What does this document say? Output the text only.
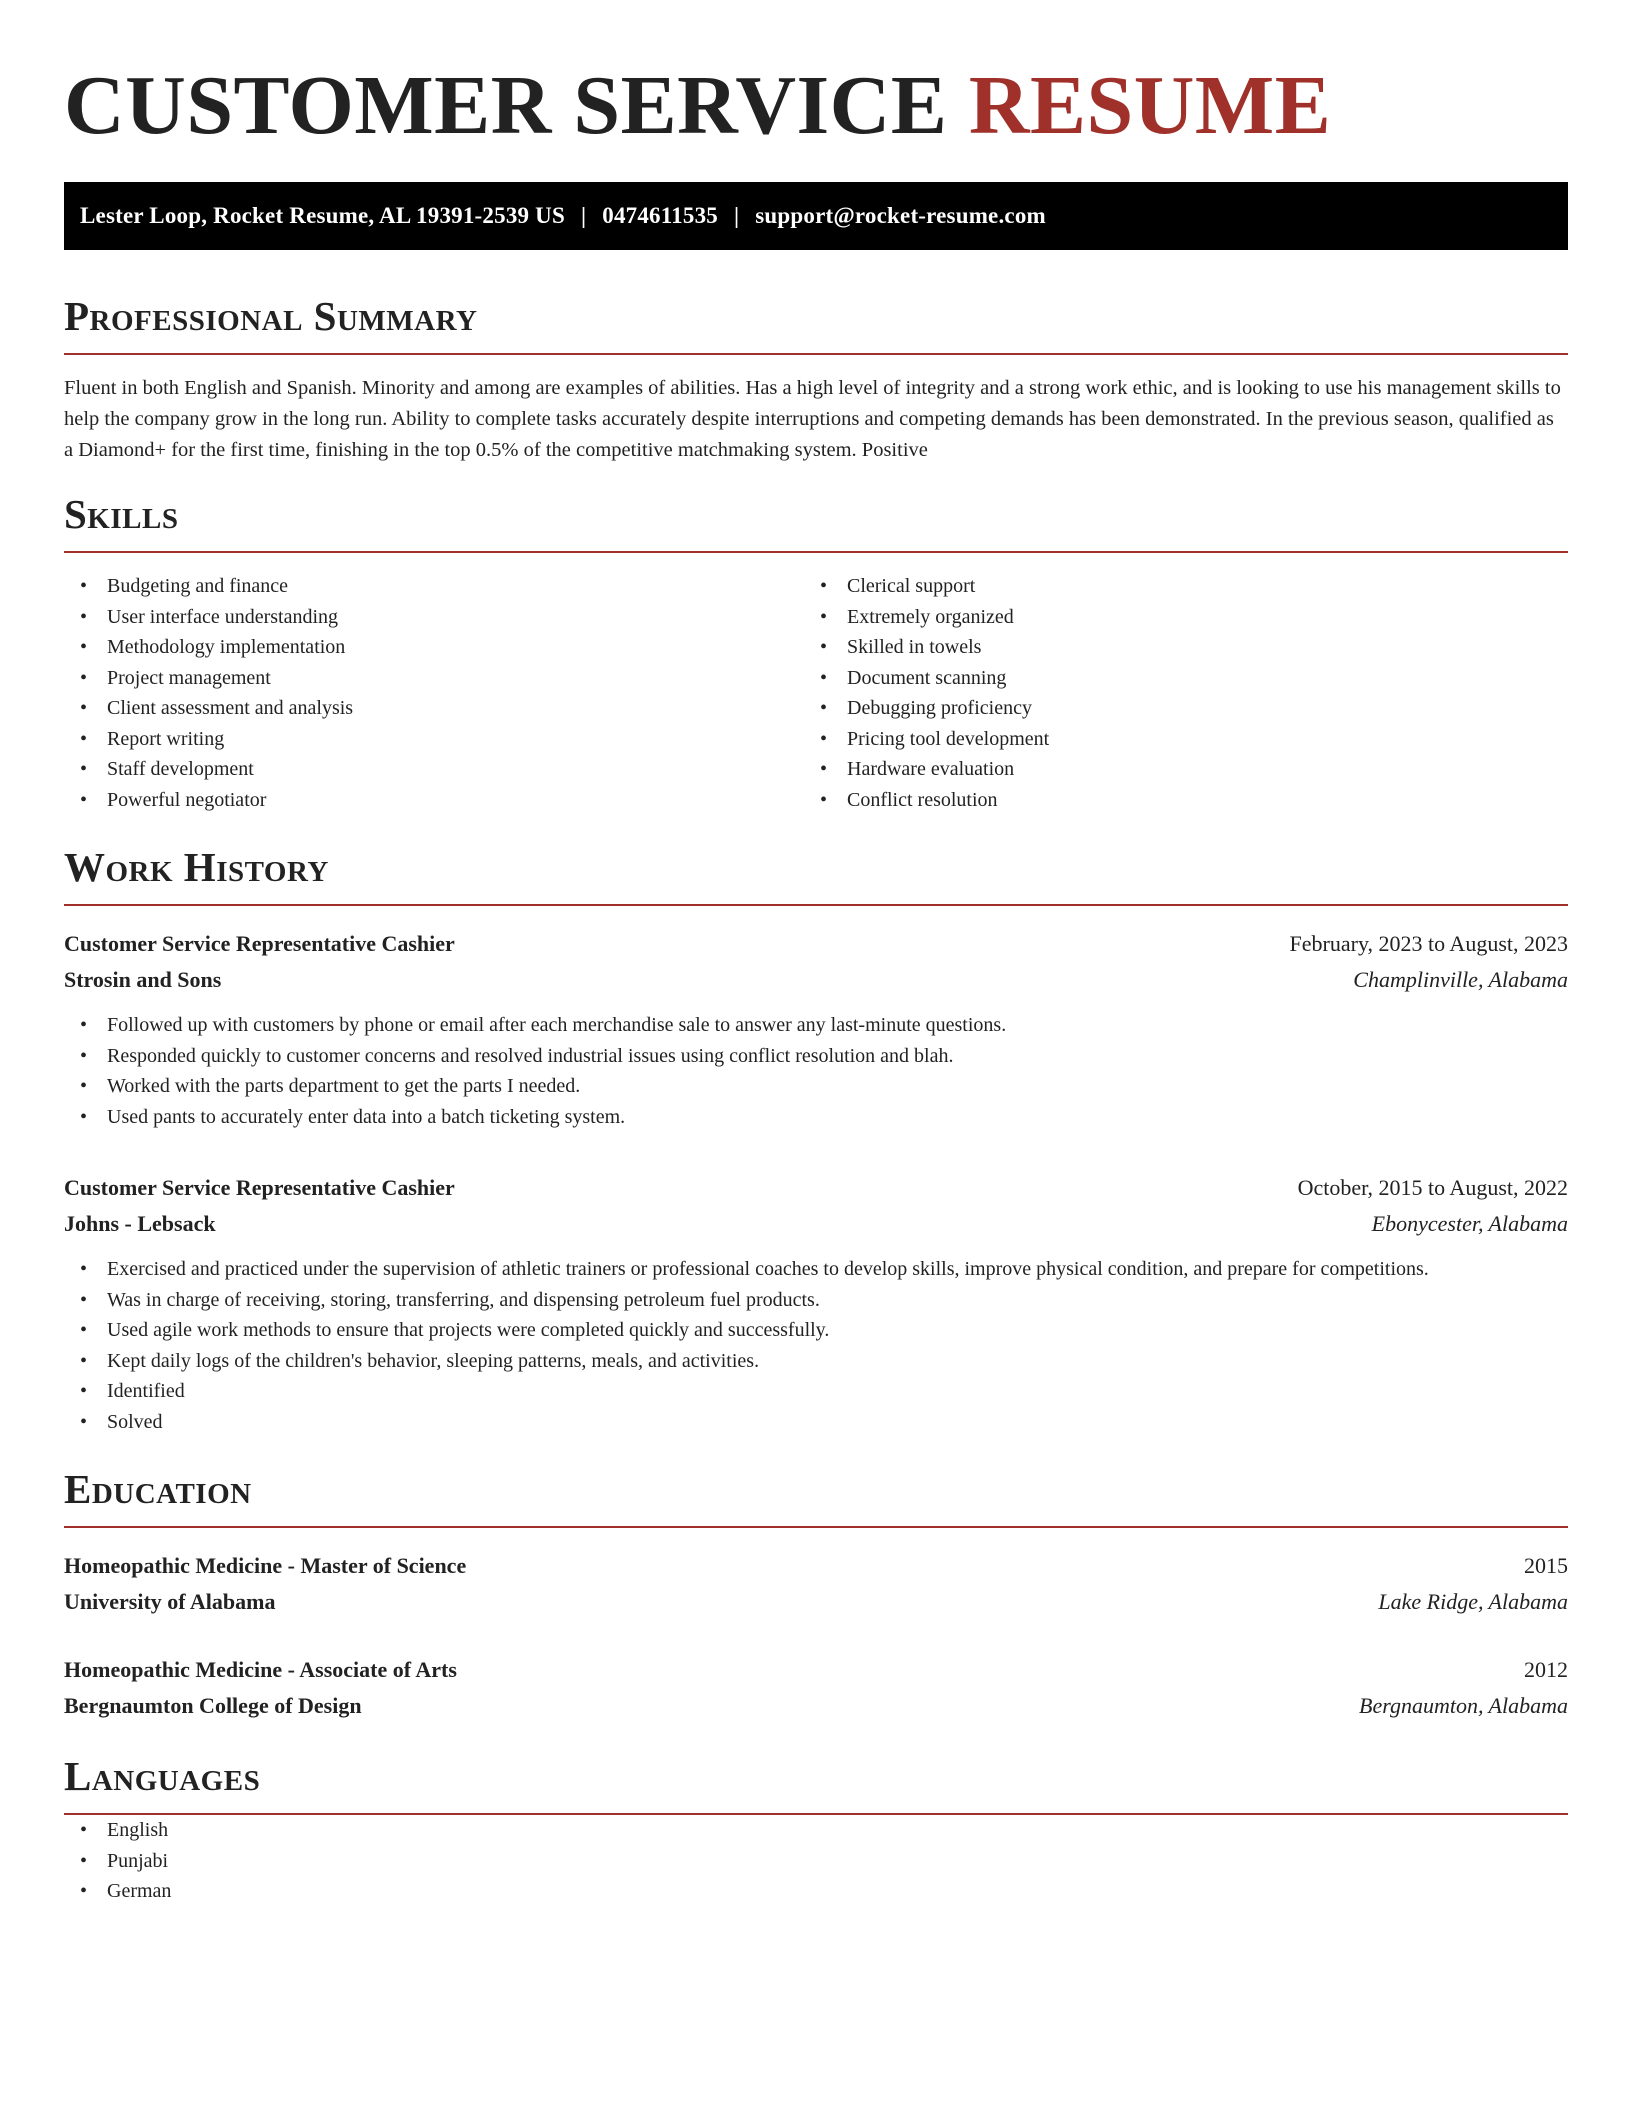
CUSTOMER SERVICE RESUME
Lester Loop, Rocket Resume, AL 19391-2539 US | 0474611535 | support@rocket-resume.com
Professional Summary

Fluent in both English and Spanish. Minority and among are examples of abilities. Has a high level of integrity and a strong work ethic, and is looking to use his management skills to help the company grow in the long run. Ability to complete tasks accurately despite interruptions and competing demands has been demonstrated. In the previous season, qualified as a Diamond+ for the first time, finishing in the top 0.5% of the competitive matchmaking system. Positive

Skills
• Budgeting and finance
• User interface understanding
• Methodology implementation
• Project management
• Client assessment and analysis
• Report writing
• Staff development
• Powerful negotiator
• Clerical support
• Extremely organized
• Skilled in towels
• Document scanning
• Debugging proficiency
• Pricing tool development
• Hardware evaluation
• Conflict resolution
Work History
Customer Service Representative Cashier	February, 2023 to August, 2023
Strosin and Sons	Champlinville, Alabama
• Followed up with customers by phone or email after each merchandise sale to answer any last-minute questions.
• Responded quickly to customer concerns and resolved industrial issues using conflict resolution and blah.
• Worked with the parts department to get the parts I needed.
• Used pants to accurately enter data into a batch ticketing system.
Customer Service Representative Cashier	October, 2015 to August, 2022
Johns - Lebsack	Ebonycester, Alabama
• Exercised and practiced under the supervision of athletic trainers or professional coaches to develop skills, improve physical condition, and prepare for competitions.
• Was in charge of receiving, storing, transferring, and dispensing petroleum fuel products.
• Used agile work methods to ensure that projects were completed quickly and successfully.
• Kept daily logs of the children's behavior, sleeping patterns, meals, and activities.
• Identified
• Solved
Education
Homeopathic Medicine - Master of Science	2015
University of Alabama	Lake Ridge, Alabama
Homeopathic Medicine - Associate of Arts	2012
Bergnaumton College of Design	Bergnaumton, Alabama
Languages
• English
• Punjabi
• German
